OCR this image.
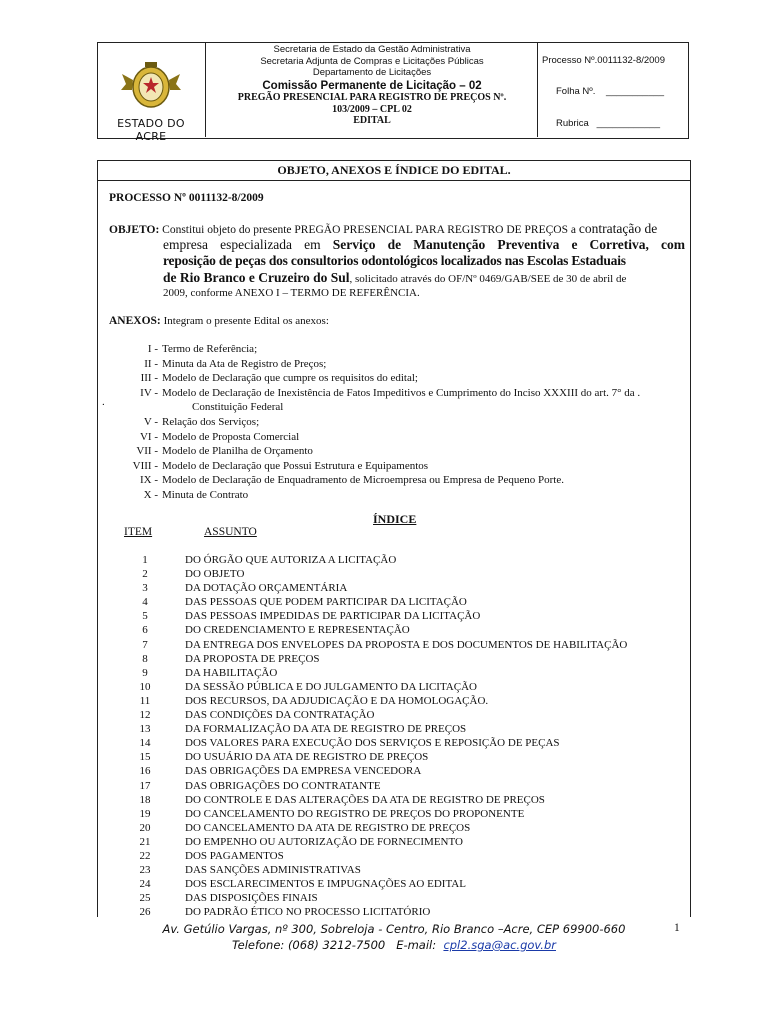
ESTADO DO ACRE
Secretaria de Estado da Gestão Administrativa
Secretaria Adjunta de Compras e Licitações Públicas
Departamento de Licitações
Comissão Permanente de Licitação – 02
PREGÃO PRESENCIAL PARA REGISTRO DE PREÇOS Nº.
103/2009 – CPL 02
EDITAL
Processo Nº.0011132-8/2009
Folha Nº. ___________
Rubrica ____________
OBJETO, ANEXOS E ÍNDICE DO EDITAL.
PROCESSO Nº 0011132-8/2009
OBJETO: Constitui objeto do presente PREGÃO PRESENCIAL PARA REGISTRO DE PREÇOS a contratação de
empresa especializada em Serviço de Manutenção Preventiva e Corretiva, com
reposição de peças dos consultorios odontológicos localizados nas Escolas Estaduais
de Rio Branco e Cruzeiro do Sul, solicitado através do OF/Nº 0469/GAB/SEE de 30 de abril de
2009, conforme ANEXO I – TERMO DE REFERÊNCIA.
ANEXOS: Integram o presente Edital os anexos:
I - Termo de Referência;
II - Minuta da Ata de Registro de Preços;
III - Modelo de Declaração que cumpre os requisitos do edital;
IV - Modelo de Declaração de Inexistência de Fatos Impeditivos e Cumprimento do Inciso XXXIII do art. 7° da .
Constituição Federal
V - Relação dos Serviços;
VI - Modelo de Proposta Comercial
VII - Modelo de Planilha de Orçamento
VIII - Modelo de Declaração que Possui Estrutura e Equipamentos
IX - Modelo de Declaração de Enquadramento de Microempresa ou Empresa de Pequeno Porte.
X - Minuta de Contrato
.
ÍNDICE
ITEM	ASSUNTO
1	DO ÓRGÃO QUE AUTORIZA A LICITAÇÃO
2	DO OBJETO
3	DA DOTAÇÃO ORÇAMENTÁRIA
4	DAS PESSOAS QUE PODEM PARTICIPAR DA LICITAÇÃO
5	DAS PESSOAS IMPEDIDAS DE PARTICIPAR DA LICITAÇÃO
6	DO CREDENCIAMENTO E REPRESENTAÇÃO
7	DA ENTREGA DOS ENVELOPES DA PROPOSTA E DOS DOCUMENTOS DE HABILITAÇÃO
8	DA PROPOSTA DE PREÇOS
9	DA HABILITAÇÃO
10	DA SESSÃO PÚBLICA E DO JULGAMENTO DA LICITAÇÃO
11	DOS RECURSOS, DA ADJUDICAÇÃO E DA HOMOLOGAÇÃO.
12	DAS CONDIÇÕES DA CONTRATAÇÃO
13	DA FORMALIZAÇÃO DA ATA DE REGISTRO DE PREÇOS
14	DOS VALORES PARA EXECUÇÃO DOS SERVIÇOS E REPOSIÇÃO DE PEÇAS
15	DO USUÁRIO DA ATA DE REGISTRO DE PREÇOS
16	DAS OBRIGAÇÕES DA EMPRESA VENCEDORA
17	DAS OBRIGAÇÕES DO CONTRATANTE
18	DO CONTROLE E DAS ALTERAÇÕES DA ATA DE REGISTRO DE PREÇOS
19	DO CANCELAMENTO DO REGISTRO DE PREÇOS DO PROPONENTE
20	DO CANCELAMENTO DA ATA DE REGISTRO DE PREÇOS
21	DO EMPENHO OU AUTORIZAÇÃO DE FORNECIMENTO
22	DOS PAGAMENTOS
23	DAS SANÇÕES ADMINISTRATIVAS
24	DOS ESCLARECIMENTOS E IMPUGNAÇÕES AO EDITAL
25	DAS DISPOSIÇÕES FINAIS
26	DO PADRÃO ÉTICO NO PROCESSO LICITATÓRIO
Av. Getúlio Vargas, nº 300, Sobreloja - Centro, Rio Branco –Acre, CEP 69900-660
Telefone: (068) 3212-7500 E-mail: cpl2.sga@ac.gov.br
1
